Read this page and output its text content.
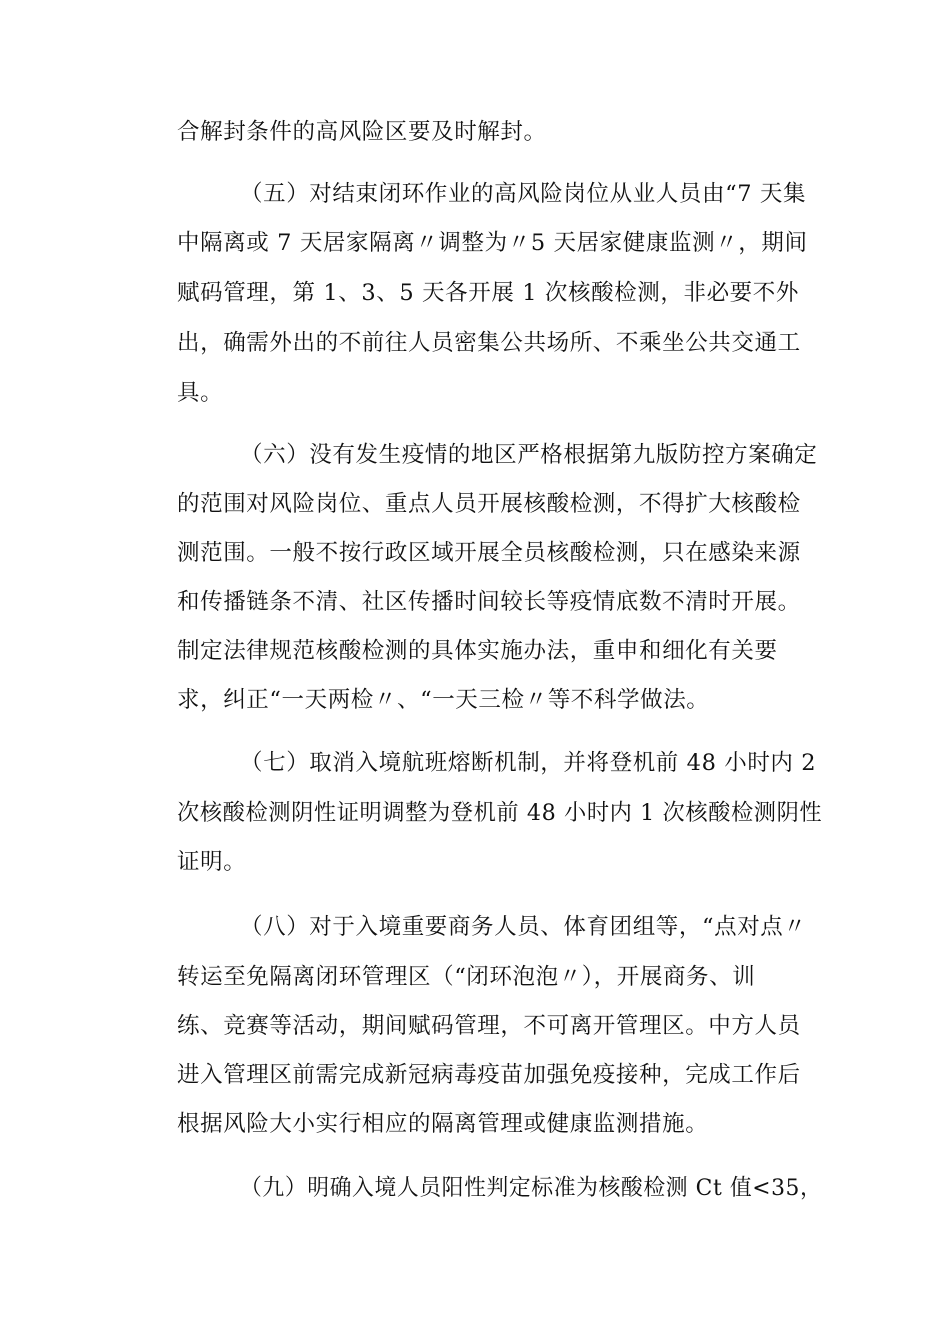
合解封条件的高风险区要及时解封。
（五）对结束闭环作业的高风险岗位从业人员由“7 天集
中隔离或 7 天居家隔离〃调整为〃5 天居家健康监测〃，期间
赋码管理，第 1、3、5 天各开展 1 次核酸检测，非必要不外
出，确需外出的不前往人员密集公共场所、不乘坐公共交通工
具。
（六）没有发生疫情的地区严格根据第九版防控方案确定
的范围对风险岗位、重点人员开展核酸检测，不得扩大核酸检
测范围。一般不按行政区域开展全员核酸检测，只在感染来源
和传播链条不清、社区传播时间较长等疫情底数不清时开展。
制定法律规范核酸检测的具体实施办法，重申和细化有关要
求，纠正“一天两检〃、“一天三检〃等不科学做法。
（七）取消入境航班熔断机制，并将登机前 48 小时内 2
次核酸检测阴性证明调整为登机前 48 小时内 1 次核酸检测阴性
证明。
（八）对于入境重要商务人员、体育团组等，“点对点〃
转运至免隔离闭环管理区（“闭环泡泡〃），开展商务、训
练、竞赛等活动，期间赋码管理，不可离开管理区。中方人员
进入管理区前需完成新冠病毒疫苗加强免疫接种，完成工作后
根据风险大小实行相应的隔离管理或健康监测措施。
（九）明确入境人员阳性判定标准为核酸检测 Ct 值<35，
